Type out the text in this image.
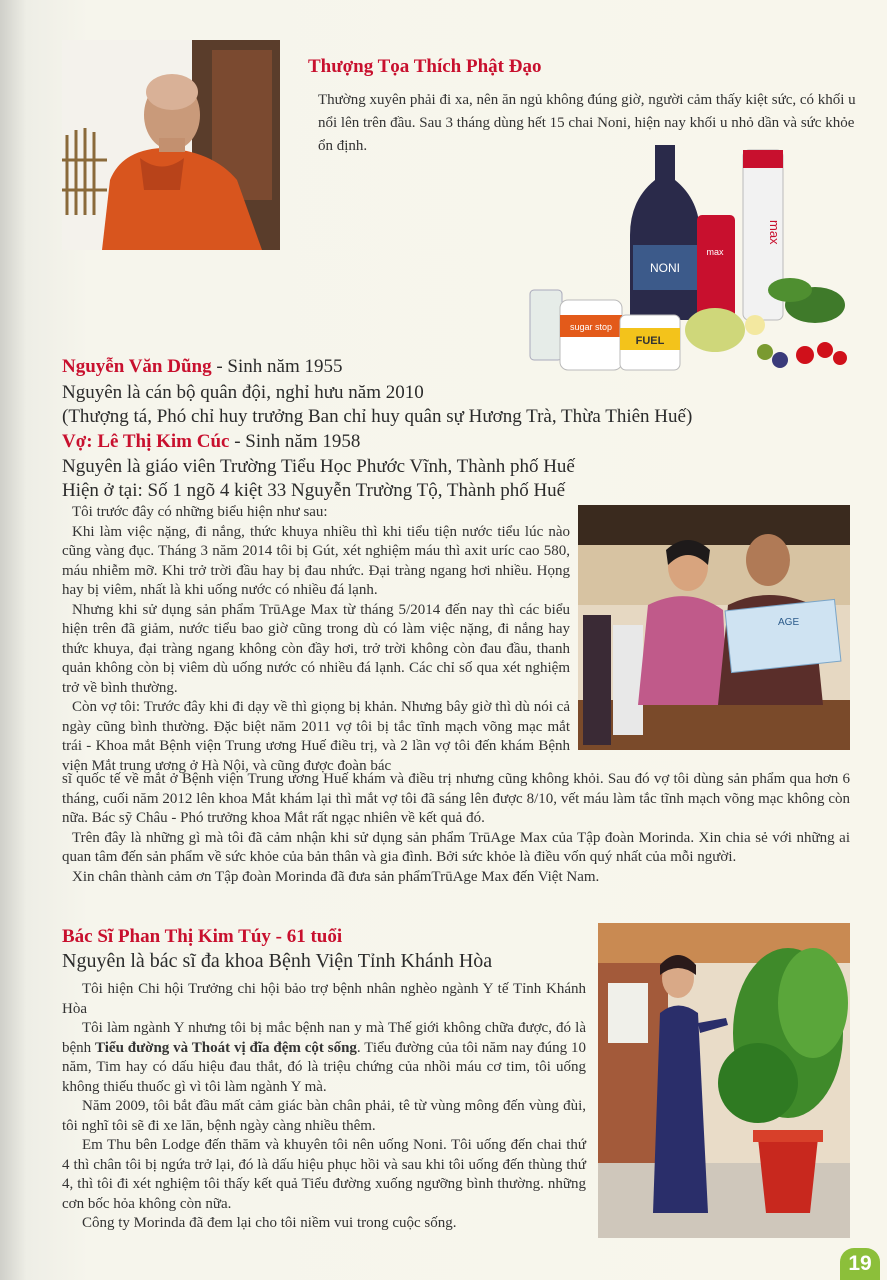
Thượng Tọa Thích Phật Đạo
Thường xuyên phải đi xa, nên ăn ngủ không đúng giờ, người cảm thấy kiệt sức, có khối u nổi lên trên đầu. Sau 3 tháng dùng hết 15 chai Noni, hiện nay khối u nhỏ dần và sức khỏe ổn định.
NONI
max
max
sugar stop
FUEL
Nguyễn Văn Dũng - Sinh năm 1955
Nguyên là cán bộ quân đội, nghỉ hưu năm 2010
(Thượng tá, Phó chỉ huy trưởng Ban chỉ huy quân sự Hương Trà, Thừa Thiên Huế)
Vợ: Lê Thị Kim Cúc - Sinh năm 1958
Nguyên là giáo viên Trường Tiểu Học Phước Vĩnh, Thành phố Huế
Hiện ở tại: Số 1 ngõ 4 kiệt 33 Nguyễn Trường Tộ, Thành phố Huế
AGE

Tôi trước đây có những biểu hiện như sau:

Khi làm việc nặng, đi nắng, thức khuya nhiều thì khi tiểu tiện nước tiểu lúc nào cũng vàng đục. Tháng 3 năm 2014 tôi bị Gút, xét nghiệm máu thì axit uríc cao 580, máu nhiễm mỡ. Khi trở trời đầu hay bị đau nhức. Đại tràng ngang hơi nhiều. Họng hay bị viêm, nhất là khi uống nước có nhiều đá lạnh.

Nhưng khi sử dụng sản phẩm TrūAge Max từ tháng 5/2014 đến nay thì các biểu hiện trên đã giảm, nước tiểu bao giờ cũng trong dù có làm việc nặng, đi nắng hay thức khuya, đại tràng ngang không còn đầy hơi, trở trời không còn đau đầu, thanh quản không còn bị viêm dù uống nước có nhiều đá lạnh. Các chỉ số qua xét nghiệm trở về bình thường.

Còn vợ tôi: Trước đây khi đi dạy về thì giọng bị khản. Nhưng bây giờ thì dù nói cả ngày cũng bình thường. Đặc biệt năm 2011 vợ tôi bị tắc tĩnh mạch võng mạc mắt trái - Khoa mắt Bệnh viện Trung ương Huế điều trị, và 2 lần vợ tôi đến khám Bệnh viện Mắt trung ương ở Hà Nội, và cũng được đoàn bác

sĩ quốc tế về mắt ở Bệnh viện Trung ương Huế khám và điều trị nhưng cũng không khỏi. Sau đó vợ tôi dùng sản phẩm qua hơn 6 tháng, cuối năm 2012 lên khoa Mắt khám lại thì mắt vợ tôi đã sáng lên được 8/10, vết máu làm tắc tĩnh mạch võng mạc không còn nữa. Bác sỹ Châu - Phó trưởng khoa Mắt rất ngạc nhiên về kết quả đó.

Trên đây là những gì mà tôi đã cảm nhận khi sử dụng sản phẩm TrūAge Max của Tập đoàn Morinda. Xin chia sẻ với những ai quan tâm đến sản phẩm về sức khỏe của bản thân và gia đình. Bởi sức khỏe là điều vốn quý nhất của mỗi người.

Xin chân thành cảm ơn Tập đoàn Morinda đã đưa sản phẩmTrūAge Max đến Việt Nam.

Bác Sĩ Phan Thị Kim Túy - 61 tuổi
Nguyên là bác sĩ đa khoa Bệnh Viện Tỉnh Khánh Hòa

Tôi hiện Chi hội Trưởng chi hội bảo trợ bệnh nhân nghèo ngành Y tế Tỉnh Khánh Hòa

Tôi làm ngành Y nhưng tôi bị mắc bệnh nan y mà Thế giới không chữa được, đó là bệnh Tiểu đường và Thoát vị đĩa đệm cột sống. Tiểu đường của tôi năm nay đúng 10 năm, Tim hay có dấu hiệu đau thắt, đó là triệu chứng của nhồi máu cơ tim, tôi uống không thiếu thuốc gì vì tôi làm ngành Y mà.

Năm 2009, tôi bắt đầu mất cảm giác bàn chân phải, tê từ vùng mông đến vùng đùi, tôi nghĩ tôi sẽ đi xe lăn, bệnh ngày càng nhiều thêm.

Em Thu bên Lodge đến thăm và khuyên tôi nên uống Noni. Tôi uống đến chai thứ 4 thì chân tôi bị ngứa trở lại, đó là dấu hiệu phục hồi và sau khi tôi uống đến thùng thứ 4, thì tôi đi xét nghiệm tôi thấy kết quả Tiểu đường xuống ngưỡng bình thường. những cơn bốc hỏa không còn nữa.

Công ty Morinda đã đem lại cho tôi niềm vui trong cuộc sống.

19
